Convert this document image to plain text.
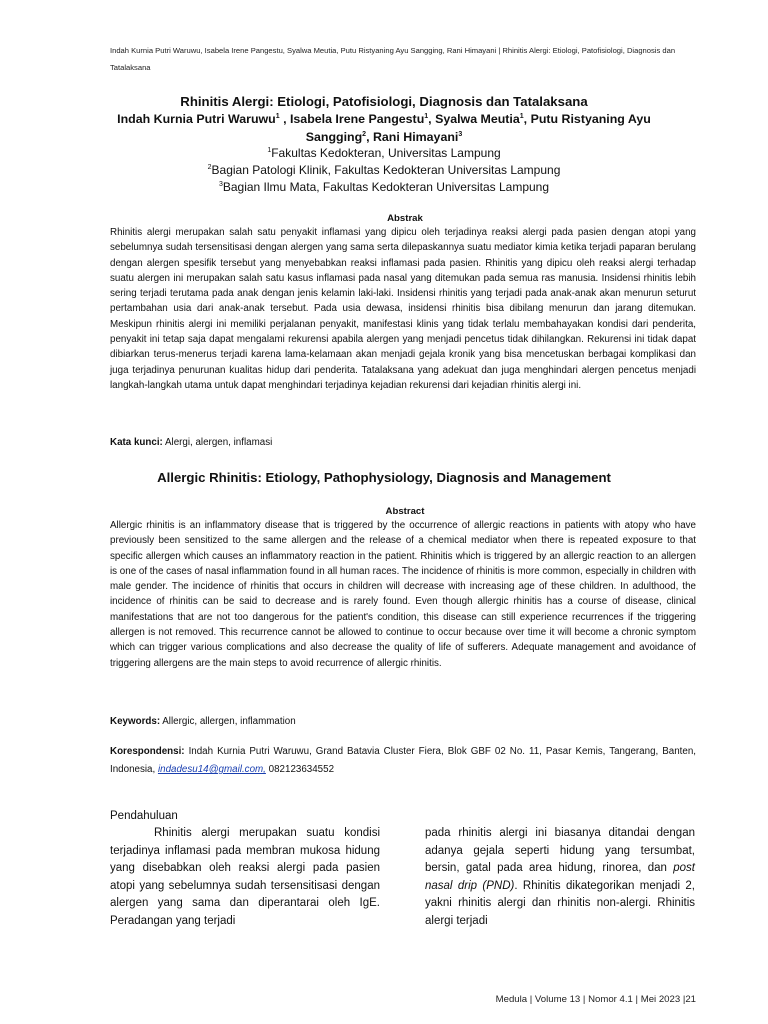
Indah Kurnia Putri Waruwu, Isabela Irene Pangestu, Syalwa Meutia, Putu Ristyaning Ayu Sangging, Rani Himayani | Rhinitis Alergi: Etiologi, Patofisiologi, Diagnosis dan Tatalaksana
Rhinitis Alergi: Etiologi, Patofisiologi, Diagnosis dan Tatalaksana
Indah Kurnia Putri Waruwu$^1$ , Isabela Irene Pangestu$^1$, Syalwa Meutia$^1$, Putu Ristyaning Ayu Sangging$^2$, Rani Himayani$^3$
$^1$Fakultas Kedokteran, Universitas Lampung
$^2$Bagian Patologi Klinik, Fakultas Kedokteran Universitas Lampung
$^3$Bagian Ilmu Mata, Fakultas Kedokteran Universitas Lampung
Abstrak
Rhinitis alergi merupakan salah satu penyakit inflamasi yang dipicu oleh terjadinya reaksi alergi pada pasien dengan atopi yang sebelumnya sudah tersensitisasi dengan alergen yang sama serta dilepaskannya suatu mediator kimia ketika terjadi paparan berulang dengan alergen spesifik tersebut yang menyebabkan reaksi inflamasi pada pasien. Rhinitis yang dipicu oleh reaksi alergi terhadap suatu alergen ini merupakan salah satu kasus inflamasi pada nasal yang ditemukan pada semua ras manusia. Insidensi rhinitis lebih sering terjadi terutama pada anak dengan jenis kelamin laki-laki. Insidensi rhinitis yang terjadi pada anak-anak akan menurun seturut pertambahan usia dari anak-anak tersebut. Pada usia dewasa, insidensi rhinitis bisa dibilang menurun dan jarang ditemukan. Meskipun rhinitis alergi ini memiliki perjalanan penyakit, manifestasi klinis yang tidak terlalu membahayakan kondisi dari penderita, penyakit ini tetap saja dapat mengalami rekurensi apabila alergen yang menjadi pencetus tidak dihilangkan. Rekurensi ini tidak dapat dibiarkan terus-menerus terjadi karena lama-kelamaan akan menjadi gejala kronik yang bisa mencetuskan berbagai komplikasi dan juga terjadinya penurunan kualitas hidup dari penderita. Tatalaksana yang adekuat dan juga menghindari alergen pencetus menjadi langkah-langkah utama untuk dapat menghindari terjadinya kejadian rekurensi dari kejadian rhinitis alergi ini.
Kata kunci: Alergi, alergen, inflamasi
Allergic Rhinitis: Etiology, Pathophysiology, Diagnosis and Management
Abstract
Allergic rhinitis is an inflammatory disease that is triggered by the occurrence of allergic reactions in patients with atopy who have previously been sensitized to the same allergen and the release of a chemical mediator when there is repeated exposure to that specific allergen which causes an inflammatory reaction in the patient. Rhinitis which is triggered by an allergic reaction to an allergen is one of the cases of nasal inflammation found in all human races. The incidence of rhinitis is more common, especially in children with male gender. The incidence of rhinitis that occurs in children will decrease with increasing age of these children. In adulthood, the incidence of rhinitis can be said to decrease and is rarely found. Even though allergic rhinitis has a course of disease, clinical manifestations that are not too dangerous for the patient's condition, this disease can still experience recurrences if the triggering allergen is not removed. This recurrence cannot be allowed to continue to occur because over time it will become a chronic symptom which can trigger various complications and also decrease the quality of life of sufferers. Adequate management and avoidance of triggering allergens are the main steps to avoid recurrence of allergic rhinitis.
Keywords: Allergic, allergen, inflammation
Korespondensi: Indah Kurnia Putri Waruwu, Grand Batavia Cluster Fiera, Blok GBF 02 No. 11, Pasar Kemis, Tangerang, Banten, Indonesia, indadesu14@gmail.com, 082123634552
Pendahuluan
Rhinitis alergi merupakan suatu kondisi terjadinya inflamasi pada membran mukosa hidung yang disebabkan oleh reaksi alergi pada pasien atopi yang sebelumnya sudah tersensitisasi dengan alergen yang sama dan diperantarai oleh IgE. Peradangan yang terjadi
pada rhinitis alergi ini biasanya ditandai dengan adanya gejala seperti hidung yang tersumbat, bersin, gatal pada area hidung, rinorea, dan post nasal drip (PND). Rhinitis dikategorikan menjadi 2, yakni rhinitis alergi dan rhinitis non-alergi. Rhinitis alergi terjadi
Medula | Volume 13 | Nomor 4.1 | Mei 2023 |21
